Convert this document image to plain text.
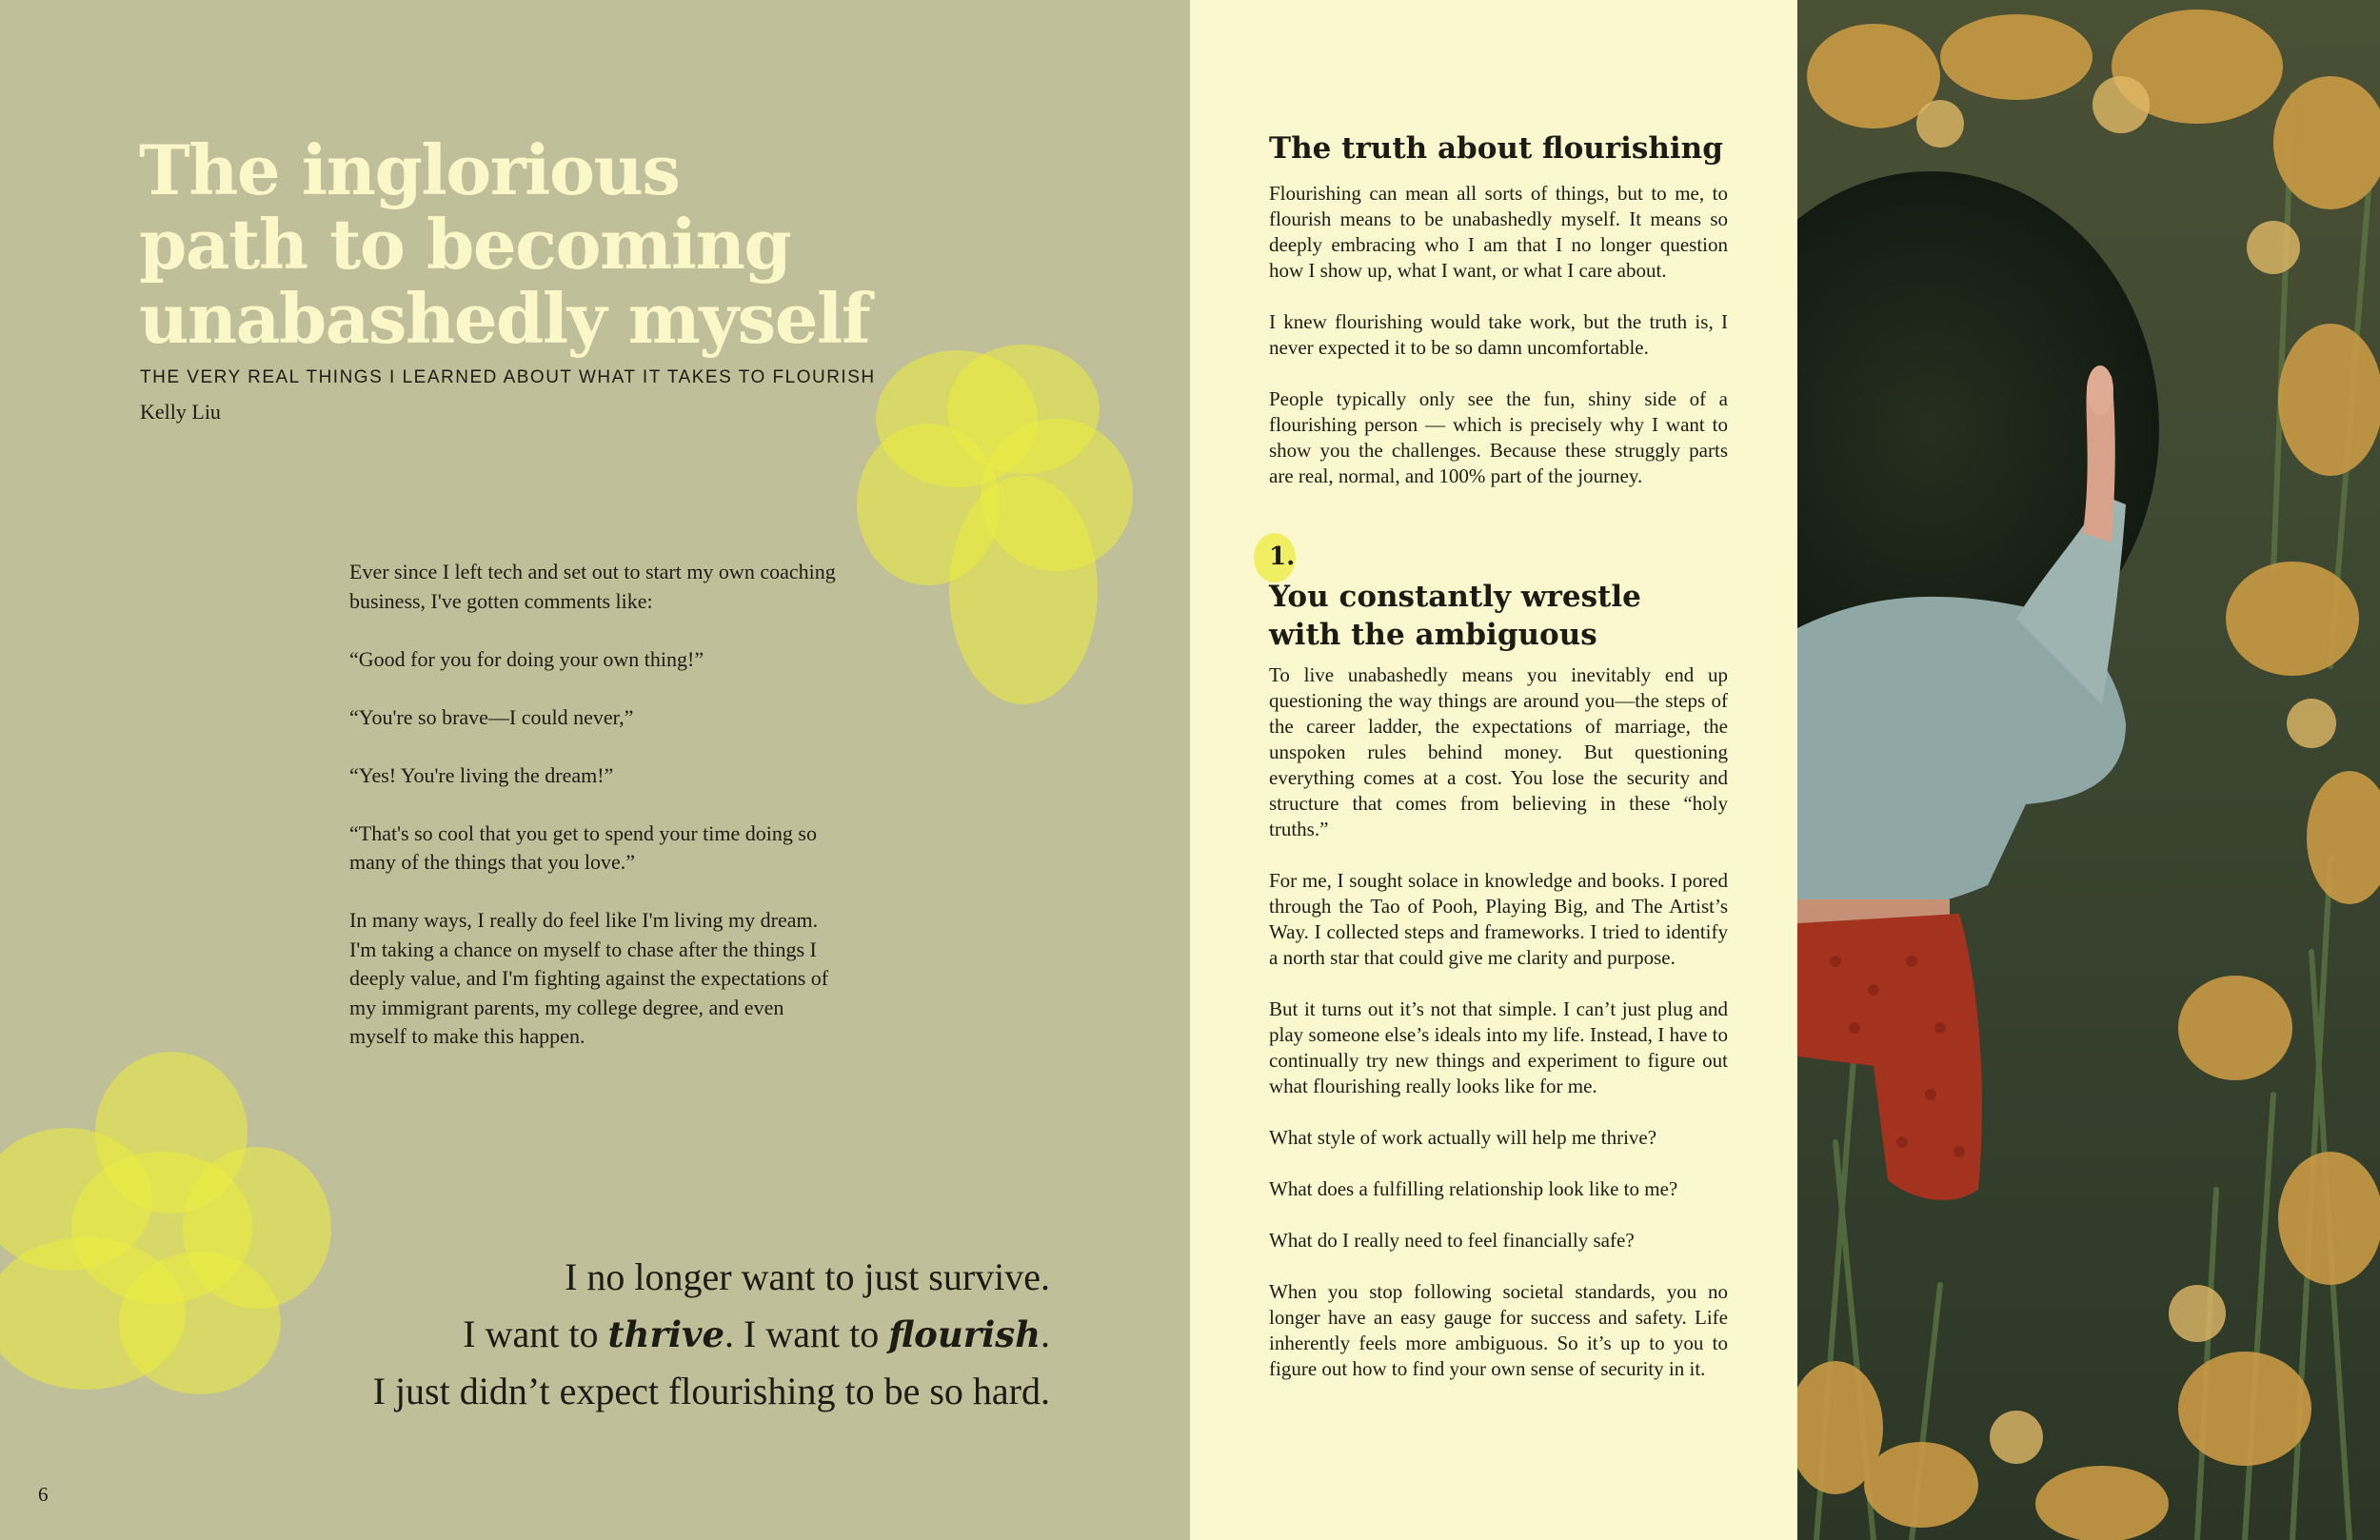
The inglorious
path to becoming
unabashedly myself
THE VERY REAL THINGS I LEARNED ABOUT WHAT IT TAKES TO FLOURISH
Kelly Liu

Ever since I left tech and set out to start my own coaching business, I've gotten comments like:

“Good for you for doing your own thing!”

“You're so brave—I could never,”

“Yes! You're living the dream!”

“That's so cool that you get to spend your time doing so many of the things that you love.”

In many ways, I really do feel like I'm living my dream. I'm taking a chance on myself to chase after the things I deeply value, and I'm fighting against the expectations of my immigrant parents, my college degree, and even myself to make this happen.

I no longer want to just survive.
I want to thrive. I want to flourish.
I just didn’t expect flourishing to be so hard.
6
The truth about flourishing

Flourishing can mean all sorts of things, but to me, to flourish means to be unabashedly myself. It means so deeply embracing who I am that I no longer question how I show up, what I want, or what I care about.

I knew flourishing would take work, but the truth is, I never expected it to be so damn uncomfortable.

People typically only see the fun, shiny side of a flourishing person — which is precisely why I want to show you the challenges. Because these struggly parts are real, normal, and 100% part of the journey.

1.
You constantly wrestle
with the ambiguous

To live unabashedly means you inevitably end up questioning the way things are around you—the steps of the career ladder, the expectations of marriage, the unspoken rules behind money. But questioning everything comes at a cost. You lose the security and structure that comes from believing in these “holy truths.”

For me, I sought solace in knowledge and books. I pored through the Tao of Pooh, Playing Big, and The Artist’s Way. I collected steps and frameworks. I tried to identify a north star that could give me clarity and purpose.

But it turns out it’s not that simple. I can’t just plug and play someone else’s ideals into my life. Instead, I have to continually try new things and experiment to figure out what flourishing really looks like for me.

What style of work actually will help me thrive?

What does a fulfilling relationship look like to me?

What do I really need to feel financially safe?

When you stop following societal standards, you no longer have an easy gauge for success and safety. Life inherently feels more ambiguous. So it’s up to you to figure out how to find your own sense of security in it.
